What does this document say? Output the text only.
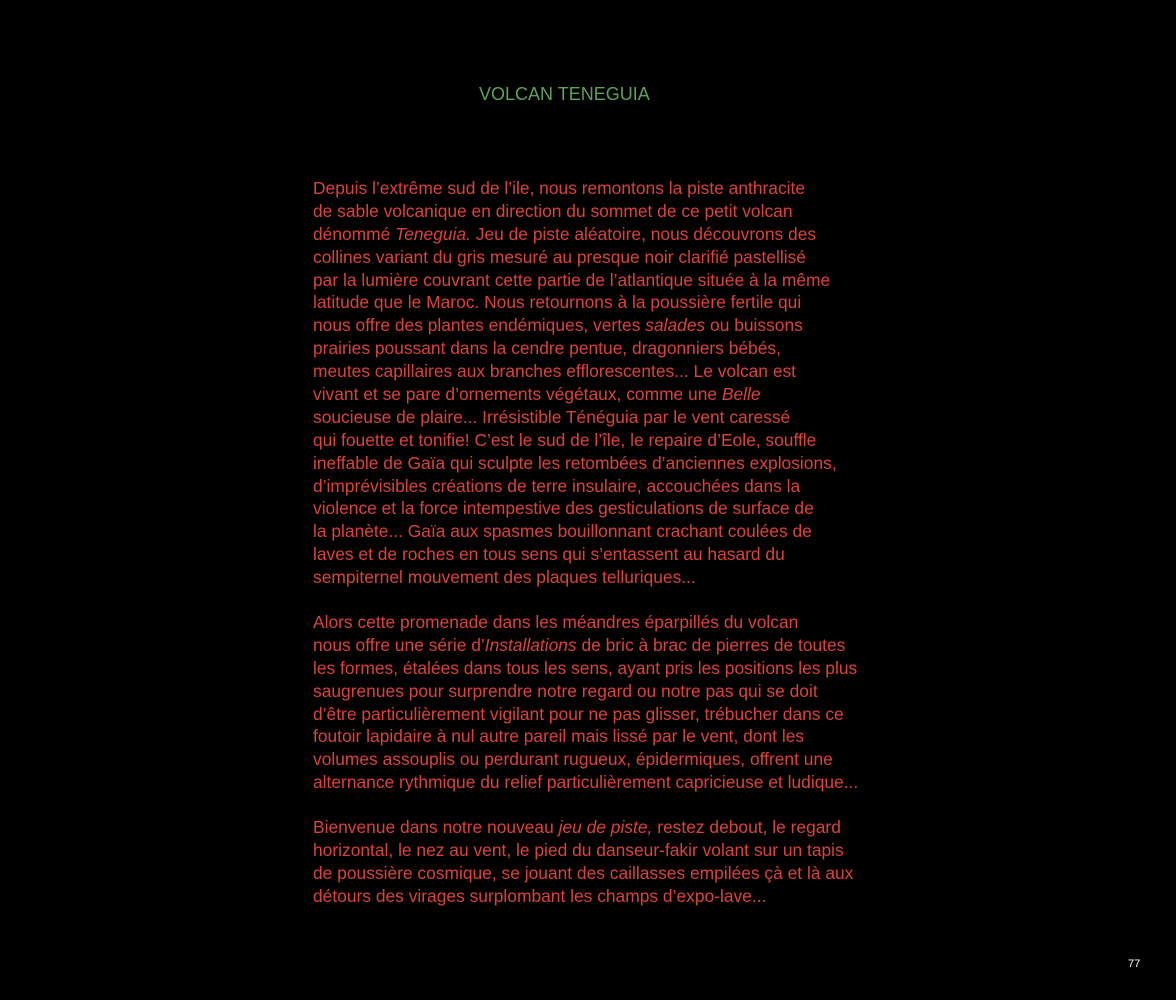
VOLCAN TENEGUIA
Depuis l’extrême sud de l’ile, nous remontons la piste anthracite
de sable volcanique en direction du sommet de ce petit volcan
dénommé Teneguia. Jeu de piste aléatoire, nous découvrons des
collines variant du gris mesuré au presque noir clarifié pastellisé
par la lumière couvrant cette partie de l’atlantique située à la même
latitude que le Maroc. Nous retournons à la poussière fertile qui
nous offre des plantes endémiques, vertes salades ou buissons
prairies poussant dans la cendre pentue, dragonniers bébés,
meutes capillaires aux branches efflorescentes... Le volcan est
vivant et se pare d’ornements végétaux, comme une Belle
soucieuse de plaire... Irrésistible Ténéguia par le vent caressé
qui fouette et tonifie! C’est le sud de l’île, le repaire d’Eole, souffle
ineffable de Gaïa qui sculpte les retombées d’anciennes explosions,
d’imprévisibles créations de terre insulaire, accouchées dans la
violence et la force intempestive des gesticulations de surface de
la planète... Gaïa aux spasmes bouillonnant crachant coulées de
laves et de roches en tous sens qui s’entassent au hasard du
sempiternel mouvement des plaques telluriques...
Alors cette promenade dans les méandres éparpillés du volcan
nous offre une série d’Installations de bric à brac de pierres de toutes
les formes, étalées dans tous les sens, ayant pris les positions les plus
saugrenues pour surprendre notre regard ou notre pas qui se doit
d’être particulièrement vigilant pour ne pas glisser, trébucher dans ce
foutoir lapidaire à nul autre pareil mais lissé par le vent, dont les
volumes assouplis ou perdurant rugueux, épidermiques, offrent une
alternance rythmique du relief particulièrement capricieuse et ludique...
Bienvenue dans notre nouveau jeu de piste, restez debout, le regard
horizontal, le nez au vent, le pied du danseur-fakir volant sur un tapis
de poussière cosmique, se jouant des caillasses empilées çà et là aux
détours des virages surplombant les champs d’expo-lave...
77
